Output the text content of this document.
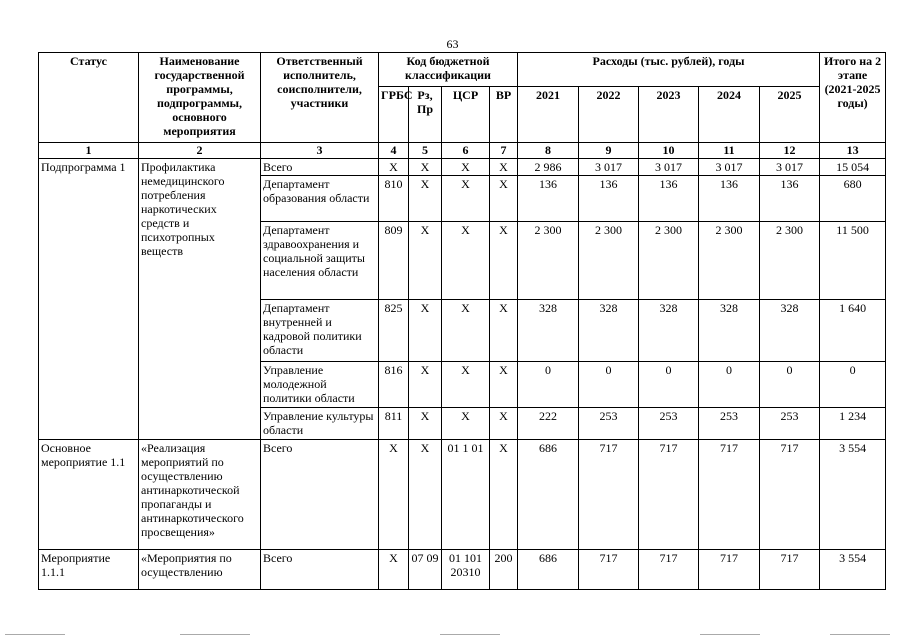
63
Статус	Наименование государственной программы, подпрограммы, основного мероприятия	Ответственный исполнитель, соисполнители, участники	Код бюджетной классификации				Расходы (тыс. рублей), годы					Итого на 2 этапе (2021-2025 годы)
			ГРБС	Рз, Пр	ЦСР	ВР	2021	2022	2023	2024	2025	
1	2	3	4	5	6	7	8	9	10	11	12	13
Подпрограмма 1	Профилактика немедицинского потребления наркотических средств и психотропных веществ	Всего	Х	Х	Х	Х	2 986	3 017	3 017	3 017	3 017	15 054
		Департамент образования области	810	Х	Х	Х	136	136	136	136	136	680
		Департамент здравоохранения и социальной защиты населения области	809	Х	Х	Х	2 300	2 300	2 300	2 300	2 300	11 500
		Департамент внутренней и кадровой политики области	825	Х	Х	Х	328	328	328	328	328	1 640
		Управление молодежной политики области	816	Х	Х	Х	0	0	0	0	0	0
		Управление культуры области	811	Х	Х	Х	222	253	253	253	253	1 234
Основное мероприятие 1.1	«Реализация мероприятий по осуществлению антинаркотической пропаганды и антинаркотического просвещения»	Всего	Х	Х	01 1 01	Х	686	717	717	717	717	3 554
Мероприятие 1.1.1	«Мероприятия по осуществлению	Всего	Х	07 09	01 101 20310	200	686	717	717	717	717	3 554
